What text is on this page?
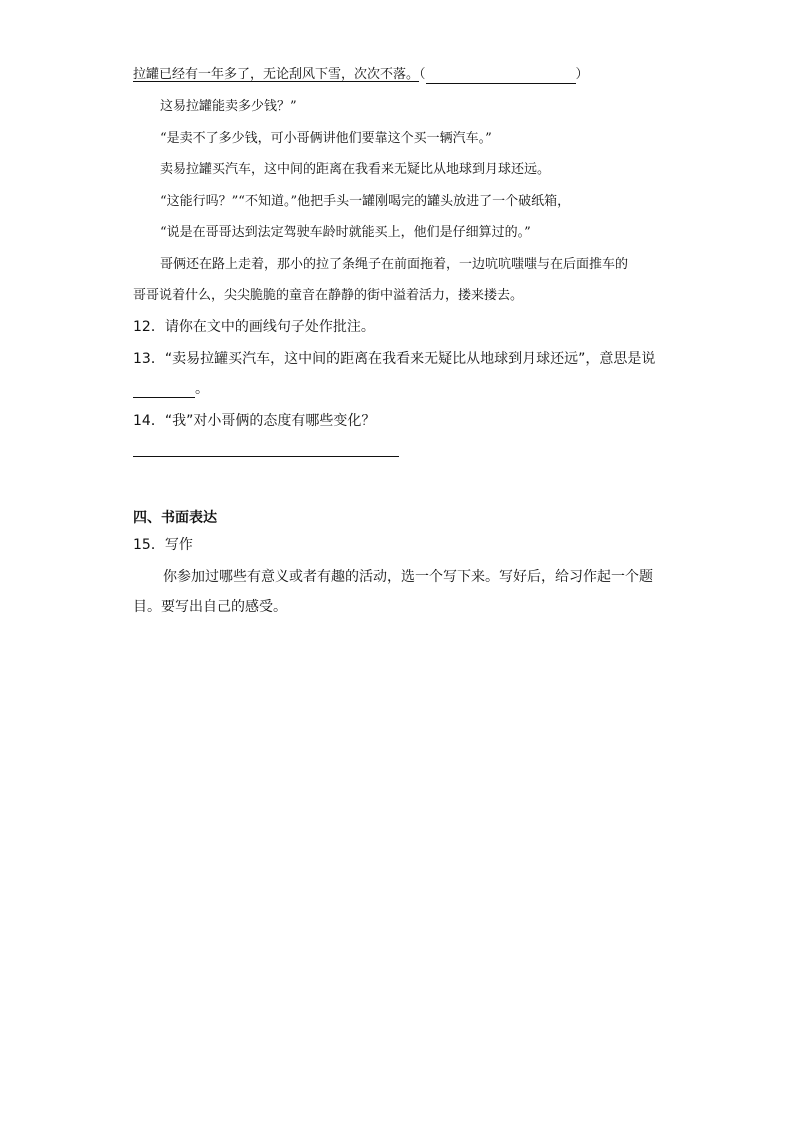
拉罐已经有一年多了，无论刮风下雪，次次不落。（	）
这易拉罐能卖多少钱？”
“是卖不了多少钱，可小哥俩讲他们要靠这个买一辆汽车。”
卖易拉罐买汽车，这中间的距离在我看来无疑比从地球到月球还远。
“这能行吗？”“不知道。”他把手头一罐刚喝完的罐头放进了一个破纸箱，
“说是在哥哥达到法定驾驶车龄时就能买上，他们是仔细算过的。”
哥俩还在路上走着，那小的拉了条绳子在前面拖着，一边吭吭嗤嗤与在后面推车的
哥哥说着什么，尖尖脆脆的童音在静静的街中溢着活力，搂来搂去。
12．请你在文中的画线句子处作批注。
13．“卖易拉罐买汽车，这中间的距离在我看来无疑比从地球到月球还远”，意思是说
。
14．“我”对小哥俩的态度有哪些变化？
四、书面表达
15．写作
你参加过哪些有意义或者有趣的活动，选一个写下来。写好后，给习作起一个题
目。要写出自己的感受。
